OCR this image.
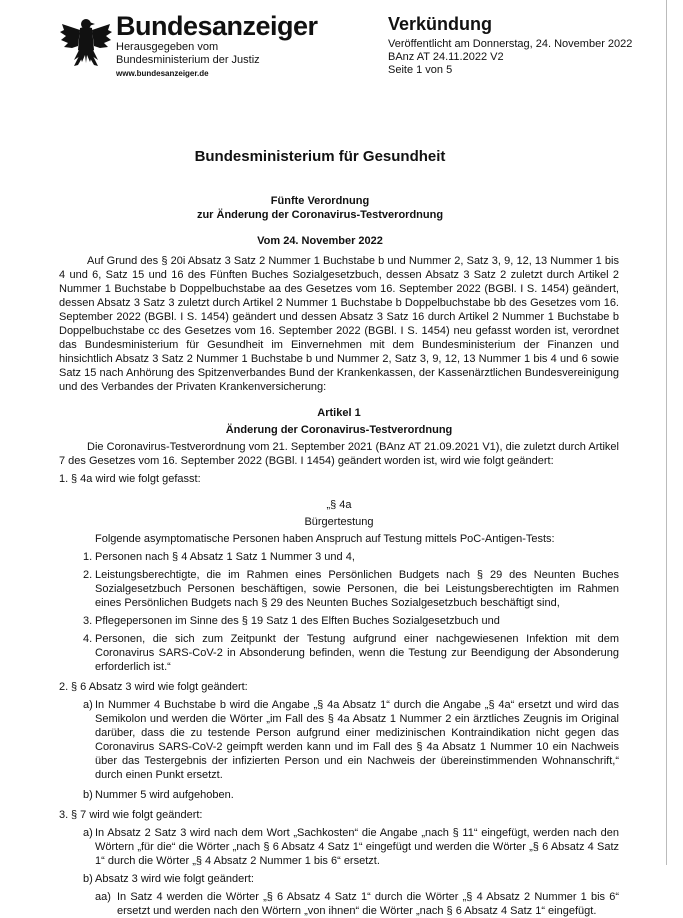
Bundesanzeiger
Herausgegeben vom
Bundesministerium der Justiz
www.bundesanzeiger.de
Verkündung
Veröffentlicht am Donnerstag, 24. November 2022
BAnz AT 24.11.2022 V2
Seite 1 von 5
Bundesministerium für Gesundheit
Fünfte Verordnung
zur Änderung der Coronavirus-Testverordnung
Vom 24. November 2022

Auf Grund des § 20i Absatz 3 Satz 2 Nummer 1 Buchstabe b und Nummer 2, Satz 3, 9, 12, 13 Nummer 1 bis 4 und 6, Satz 15 und 16 des Fünften Buches Sozialgesetzbuch, dessen Absatz 3 Satz 2 zuletzt durch Artikel 2 Nummer 1 Buchstabe b Doppelbuchstabe aa des Gesetzes vom 16. September 2022 (BGBl. I S. 1454) geändert, dessen Absatz 3 Satz 3 zuletzt durch Artikel 2 Nummer 1 Buchstabe b Doppelbuchstabe bb des Gesetzes vom 16. September 2022 (BGBl. I S. 1454) geändert und dessen Absatz 3 Satz 16 durch Artikel 2 Nummer 1 Buchstabe b Doppelbuchstabe cc des Gesetzes vom 16. September 2022 (BGBl. I S. 1454) neu gefasst worden ist, verordnet das Bundesministerium für Gesundheit im Einvernehmen mit dem Bundesministerium der Finanzen und hinsichtlich Absatz 3 Satz 2 Nummer 1 Buchstabe b und Nummer 2, Satz 3, 9, 12, 13 Nummer 1 bis 4 und 6 sowie Satz 15 nach Anhörung des Spitzenverbandes Bund der Krankenkassen, der Kassenärztlichen Bundesvereinigung und des Verbandes der Privaten Krankenversicherung:

Artikel 1

Änderung der Coronavirus-Testverordnung

Die Coronavirus-Testverordnung vom 21. September 2021 (BAnz AT 21.09.2021 V1), die zuletzt durch Artikel 7 des Gesetzes vom 16. September 2022 (BGBl. I 1454) geändert worden ist, wird wie folgt geändert:

1. § 4a wird wie folgt gefasst:

„§ 4a

Bürgertestung

Folgende asymptomatische Personen haben Anspruch auf Testung mittels PoC-Antigen-Tests:

1. Personen nach § 4 Absatz 1 Satz 1 Nummer 3 und 4,

2. Leistungsberechtigte, die im Rahmen eines Persönlichen Budgets nach § 29 des Neunten Buches Sozialgesetzbuch Personen beschäftigen, sowie Personen, die bei Leistungsberechtigten im Rahmen eines Persönlichen Budgets nach § 29 des Neunten Buches Sozialgesetzbuch beschäftigt sind,

3. Pflegepersonen im Sinne des § 19 Satz 1 des Elften Buches Sozialgesetzbuch und

4. Personen, die sich zum Zeitpunkt der Testung aufgrund einer nachgewiesenen Infektion mit dem Coronavirus SARS-CoV-2 in Absonderung befinden, wenn die Testung zur Beendigung der Absonderung erforderlich ist.“

2. § 6 Absatz 3 wird wie folgt geändert:

a) In Nummer 4 Buchstabe b wird die Angabe „§ 4a Absatz 1“ durch die Angabe „§ 4a“ ersetzt und wird das Semikolon und werden die Wörter „im Fall des § 4a Absatz 1 Nummer 2 ein ärztliches Zeugnis im Original darüber, dass die zu testende Person aufgrund einer medizinischen Kontraindikation nicht gegen das Coronavirus SARS-CoV-2 geimpft werden kann und im Fall des § 4a Absatz 1 Nummer 10 ein Nachweis über das Testergebnis der infizierten Person und ein Nachweis der übereinstimmenden Wohnanschrift,“ durch einen Punkt ersetzt.

b) Nummer 5 wird aufgehoben.

3. § 7 wird wie folgt geändert:

a) In Absatz 2 Satz 3 wird nach dem Wort „Sachkosten“ die Angabe „nach § 11“ eingefügt, werden nach den Wörtern „für die“ die Wörter „nach § 6 Absatz 4 Satz 1“ eingefügt und werden die Wörter „§ 6 Absatz 4 Satz 1“ durch die Wörter „§ 4 Absatz 2 Nummer 1 bis 6“ ersetzt.

b) Absatz 3 wird wie folgt geändert:

aa) In Satz 4 werden die Wörter „§ 6 Absatz 4 Satz 1“ durch die Wörter „§ 4 Absatz 2 Nummer 1 bis 6“ ersetzt und werden nach den Wörtern „von ihnen“ die Wörter „nach § 6 Absatz 4 Satz 1“ eingefügt.
